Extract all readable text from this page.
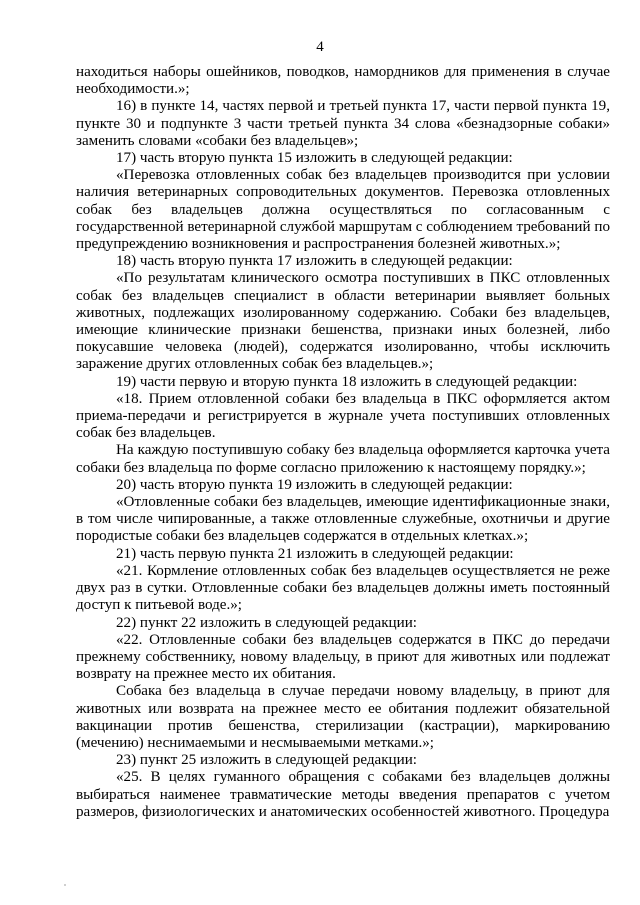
4

находиться наборы ошейников, поводков, намордников для применения в случае необходимости.»;

16) в пункте 14, частях первой и третьей пункта 17, части первой пункта 19, пункте 30 и подпункте 3 части третьей пункта 34 слова «безнадзорные собаки» заменить словами «собаки без владельцев»;

17) часть вторую пункта 15 изложить в следующей редакции:

«Перевозка отловленных собак без владельцев производится при условии наличия ветеринарных сопроводительных документов. Перевозка отловленных собак без владельцев должна осуществляться по согласованным с государственной ветеринарной службой маршрутам с соблюдением требований по предупреждению возникновения и распространения болезней животных.»;

18) часть вторую пункта 17 изложить в следующей редакции:

«По результатам клинического осмотра поступивших в ПКС отловленных собак без владельцев специалист в области ветеринарии выявляет больных животных, подлежащих изолированному содержанию. Собаки без владельцев, имеющие клинические признаки бешенства, признаки иных болезней, либо покусавшие человека (людей), содержатся изолированно, чтобы исключить заражение других отловленных собак без владельцев.»;

19) части первую и вторую пункта 18 изложить в следующей редакции:

«18. Прием отловленной собаки без владельца в ПКС оформляется актом приема-передачи и регистрируется в журнале учета поступивших отловленных собак без владельцев.

На каждую поступившую собаку без владельца оформляется карточка учета собаки без владельца по форме согласно приложению к настоящему порядку.»;

20) часть вторую пункта 19 изложить в следующей редакции:

«Отловленные собаки без владельцев, имеющие идентификационные знаки, в том числе чипированные, а также отловленные служебные, охотничьи и другие породистые собаки без владельцев содержатся в отдельных клетках.»;

21) часть первую пункта 21 изложить в следующей редакции:

«21. Кормление отловленных собак без владельцев осуществляется не реже двух раз в сутки. Отловленные собаки без владельцев должны иметь постоянный доступ к питьевой воде.»;

22) пункт 22 изложить в следующей редакции:

«22. Отловленные собаки без владельцев содержатся в ПКС до передачи прежнему собственнику, новому владельцу, в приют для животных или подлежат возврату на прежнее место их обитания.

Собака без владельца в случае передачи новому владельцу, в приют для животных или возврата на прежнее место ее обитания подлежит обязательной вакцинации против бешенства, стерилизации (кастрации), маркированию (мечению) неснимаемыми и несмываемыми метками.»;

23) пункт 25 изложить в следующей редакции:

«25. В целях гуманного обращения с собаками без владельцев должны выбираться наименее травматические методы введения препаратов с учетом размеров, физиологических и анатомических особенностей животного. Процедура
